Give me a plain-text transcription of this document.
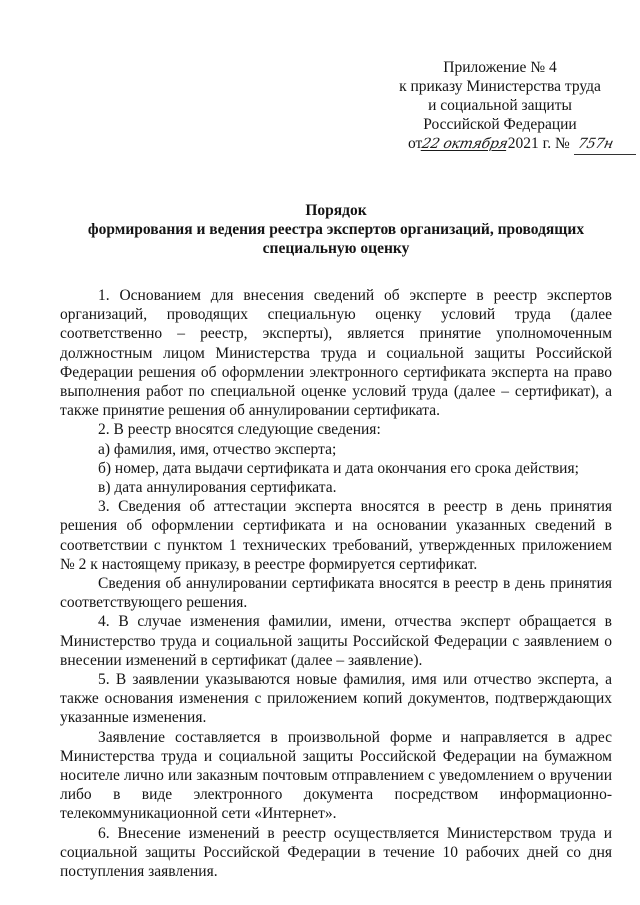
Приложение № 4
к приказу Министерства труда
и социальной защиты
Российской Федерации
от22 октября2021 г. № 757н
Порядок
формирования и ведения реестра экспертов организаций, проводящих
специальную оценку

1. Основанием для внесения сведений об эксперте в реестр экспертов организаций, проводящих специальную оценку условий труда (далее соответственно – реестр, эксперты), является принятие уполномоченным должностным лицом Министерства труда и социальной защиты Российской Федерации решения об оформлении электронного сертификата эксперта на право выполнения работ по специальной оценке условий труда (далее – сертификат), а также принятие решения об аннулировании сертификата.

2. В реестр вносятся следующие сведения:

а) фамилия, имя, отчество эксперта;

б) номер, дата выдачи сертификата и дата окончания его срока действия;

в) дата аннулирования сертификата.

3. Сведения об аттестации эксперта вносятся в реестр в день принятия решения об оформлении сертификата и на основании указанных сведений в соответствии с пунктом 1 технических требований, утвержденных приложением № 2 к настоящему приказу, в реестре формируется сертификат.

Сведения об аннулировании сертификата вносятся в реестр в день принятия соответствующего решения.

4. В случае изменения фамилии, имени, отчества эксперт обращается в Министерство труда и социальной защиты Российской Федерации с заявлением о внесении изменений в сертификат (далее – заявление).

5. В заявлении указываются новые фамилия, имя или отчество эксперта, а также основания изменения с приложением копий документов, подтверждающих указанные изменения.

Заявление составляется в произвольной форме и направляется в адрес Министерства труда и социальной защиты Российской Федерации на бумажном носителе лично или заказным почтовым отправлением с уведомлением о вручении либо в виде электронного документа посредством информационно-телекоммуникационной сети «Интернет».

6. Внесение изменений в реестр осуществляется Министерством труда и социальной защиты Российской Федерации в течение 10 рабочих дней со дня поступления заявления.
